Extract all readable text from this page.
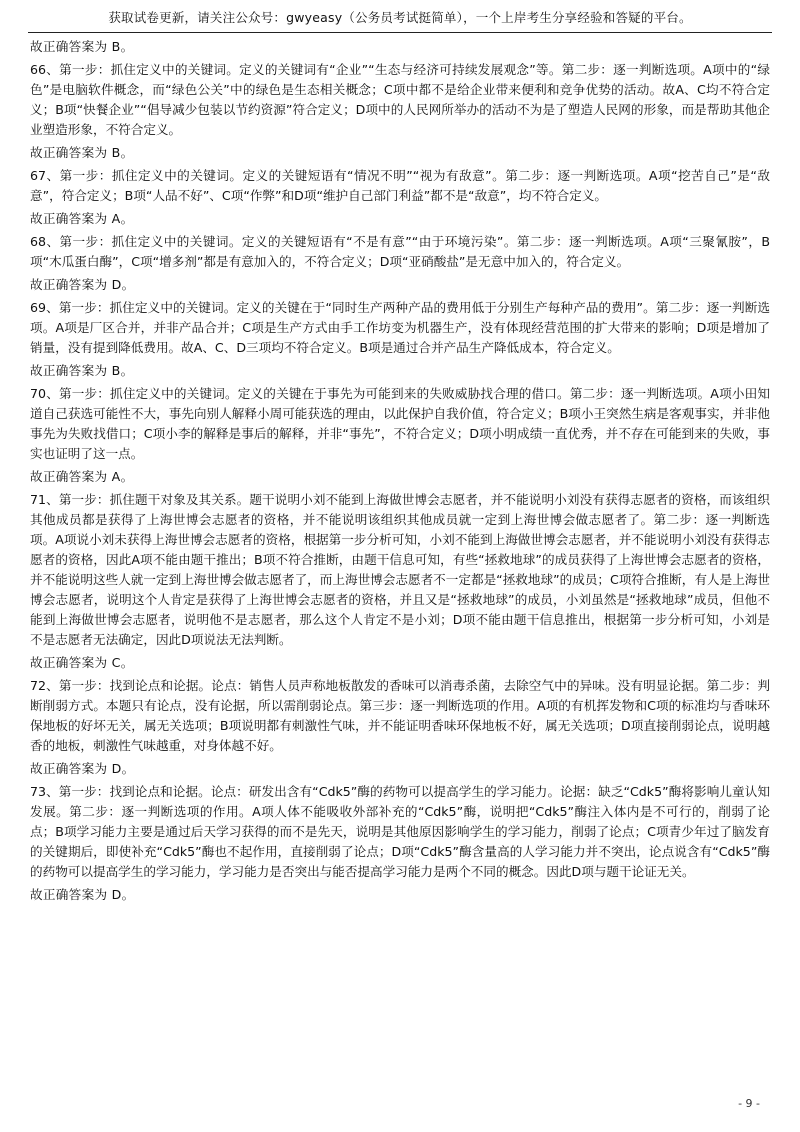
获取试卷更新，请关注公众号：gwyeasy（公务员考试挺简单），一个上岸考生分享经验和答疑的平台。

故正确答案为 B。

66、第一步：抓住定义中的关键词。定义的关键词有“企业”“生态与经济可持续发展观念”等。第二步：逐一判断选项。A项中的“绿色”是电脑软件概念，而“绿色公关”中的绿色是生态相关概念；C项中都不是给企业带来便利和竞争优势的活动。故A、C均不符合定义；B项“快餐企业”“倡导减少包装以节约资源”符合定义；D项中的人民网所举办的活动不为是了塑造人民网的形象，而是帮助其他企业塑造形象，不符合定义。

故正确答案为 B。

67、第一步：抓住定义中的关键词。定义的关键短语有“情况不明”“视为有敌意”。第二步：逐一判断选项。A项“挖苦自己”是“敌意”，符合定义；B项“人品不好”、C项“作弊”和D项“维护自己部门利益”都不是“敌意”，均不符合定义。

故正确答案为 A。

68、第一步：抓住定义中的关键词。定义的关键短语有“不是有意”“由于环境污染”。第二步：逐一判断选项。A项“三聚氰胺”，B项“木瓜蛋白酶”，C项“增多剂”都是有意加入的，不符合定义；D项“亚硝酸盐”是无意中加入的，符合定义。

故正确答案为 D。

69、第一步：抓住定义中的关键词。定义的关键在于“同时生产两种产品的费用低于分别生产每种产品的费用”。第二步：逐一判断选项。A项是厂区合并，并非产品合并；C项是生产方式由手工作坊变为机器生产，没有体现经营范围的扩大带来的影响；D项是增加了销量，没有提到降低费用。故A、C、D三项均不符合定义。B项是通过合并产品生产降低成本，符合定义。

故正确答案为 B。

70、第一步：抓住定义中的关键词。定义的关键在于事先为可能到来的失败威胁找合理的借口。第二步：逐一判断选项。A项小田知道自己获选可能性不大，事先向别人解释小周可能获选的理由，以此保护自我价值，符合定义；B项小王突然生病是客观事实，并非他事先为失败找借口；C项小李的解释是事后的解释，并非“事先”，不符合定义；D项小明成绩一直优秀，并不存在可能到来的失败，事实也证明了这一点。

故正确答案为 A。

71、第一步：抓住题干对象及其关系。题干说明小刘不能到上海做世博会志愿者，并不能说明小刘没有获得志愿者的资格，而该组织其他成员都是获得了上海世博会志愿者的资格，并不能说明该组织其他成员就一定到上海世博会做志愿者了。第二步：逐一判断选项。A项说小刘未获得上海世博会志愿者的资格，根据第一步分析可知，小刘不能到上海做世博会志愿者，并不能说明小刘没有获得志愿者的资格，因此A项不能由题干推出；B项不符合推断，由题干信息可知，有些“拯救地球”的成员获得了上海世博会志愿者的资格，并不能说明这些人就一定到上海世博会做志愿者了，而上海世博会志愿者不一定都是“拯救地球”的成员；C项符合推断，有人是上海世博会志愿者，说明这个人肯定是获得了上海世博会志愿者的资格，并且又是“拯救地球”的成员，小刘虽然是“拯救地球”成员，但他不能到上海做世博会志愿者，说明他不是志愿者，那么这个人肯定不是小刘；D项不能由题干信息推出，根据第一步分析可知，小刘是不是志愿者无法确定，因此D项说法无法判断。

故正确答案为 C。

72、第一步：找到论点和论据。论点：销售人员声称地板散发的香味可以消毒杀菌，去除空气中的异味。没有明显论据。第二步：判断削弱方式。本题只有论点，没有论据，所以需削弱论点。第三步：逐一判断选项的作用。A项的有机挥发物和C项的标准均与香味环保地板的好坏无关，属无关选项；B项说明都有刺激性气味，并不能证明香味环保地板不好，属无关选项；D项直接削弱论点，说明越香的地板，刺激性气味越重，对身体越不好。

故正确答案为 D。

73、第一步：找到论点和论据。论点：研发出含有“Cdk5”酶的药物可以提高学生的学习能力。论据：缺乏“Cdk5”酶将影响儿童认知发展。第二步：逐一判断选项的作用。A项人体不能吸收外部补充的“Cdk5”酶，说明把“Cdk5”酶注入体内是不可行的，削弱了论点；B项学习能力主要是通过后天学习获得的而不是先天，说明是其他原因影响学生的学习能力，削弱了论点；C项青少年过了脑发育的关键期后，即使补充“Cdk5”酶也不起作用，直接削弱了论点；D项“Cdk5”酶含量高的人学习能力并不突出，论点说含有“Cdk5”酶的药物可以提高学生的学习能力，学习能力是否突出与能否提高学习能力是两个不同的概念。因此D项与题干论证无关。

故正确答案为 D。

- 9 -
